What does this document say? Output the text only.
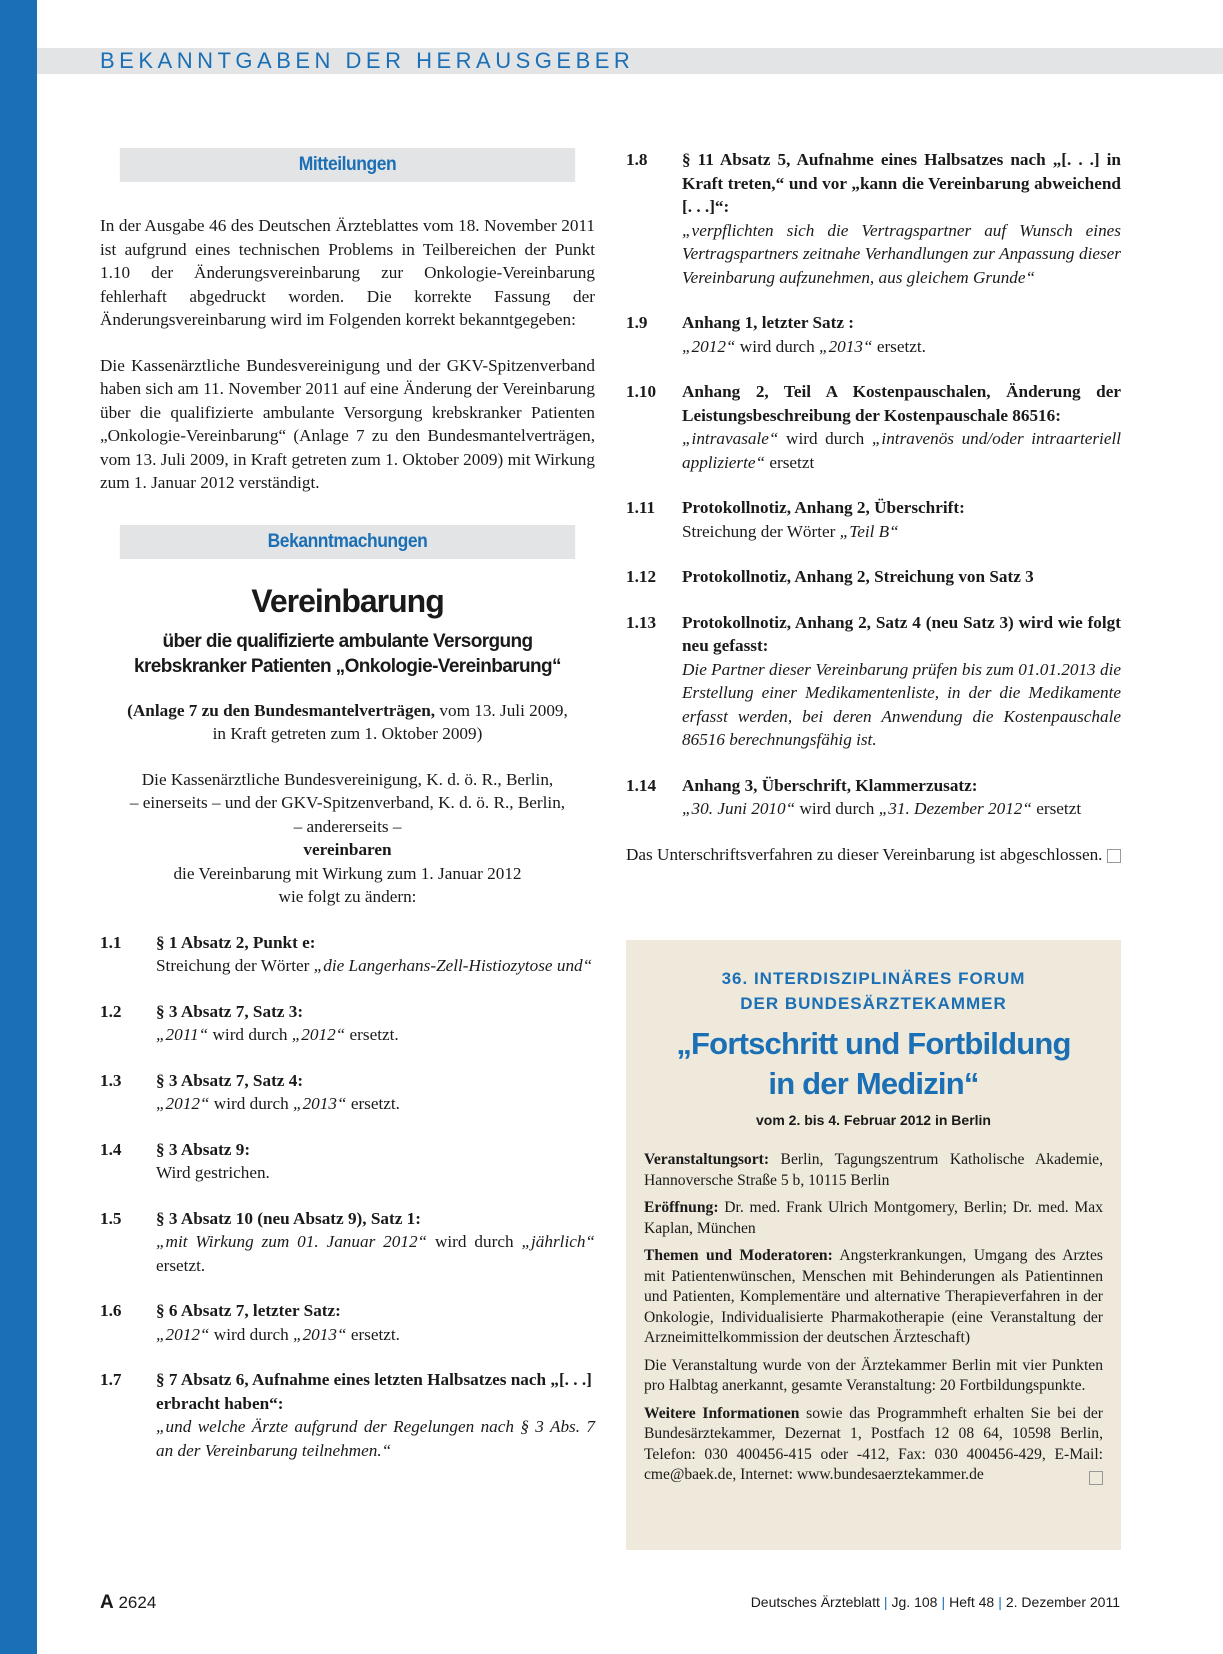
BEKANNTGABEN DER HERAUSGEBER
Mitteilungen

In der Ausgabe 46 des Deutschen Ärzteblattes vom 18. November 2011 ist aufgrund eines technischen Problems in Teilbereichen der Punkt 1.10 der Änderungsvereinbarung zur Onkologie-Vereinbarung fehlerhaft abgedruckt worden. Die korrekte Fassung der Änderungsvereinbarung wird im Folgenden korrekt bekanntgegeben:

Die Kassenärztliche Bundesvereinigung und der GKV-Spitzenverband haben sich am 11. November 2011 auf eine Änderung der Vereinbarung über die qualifizierte ambulante Versorgung krebskranker Patienten „Onkologie-Vereinbarung“ (Anlage 7 zu den Bundesmantelverträgen, vom 13. Juli 2009, in Kraft getreten zum 1. Oktober 2009) mit Wirkung zum 1. Januar 2012 verständigt.

Bekanntmachungen
Vereinbarung
über die qualifizierte ambulante Versorgung
krebskranker Patienten „Onkologie-Vereinbarung“
(Anlage 7 zu den Bundesmantelverträgen, vom 13. Juli 2009,
in Kraft getreten zum 1. Oktober 2009)
Die Kassenärztliche Bundesvereinigung, K. d. ö. R., Berlin,
– einerseits – und der GKV-Spitzenverband, K. d. ö. R., Berlin,
– andererseits –
vereinbaren
die Vereinbarung mit Wirkung zum 1. Januar 2012
wie folgt zu ändern:
1.1	§ 1 Absatz 2, Punkt e:
Streichung der Wörter „die Langerhans-Zell-Histiozytose und“
1.2	§ 3 Absatz 7, Satz 3:
„2011“ wird durch „2012“ ersetzt.
1.3	§ 3 Absatz 7, Satz 4:
„2012“ wird durch „2013“ ersetzt.
1.4	§ 3 Absatz 9:
Wird gestrichen.
1.5	§ 3 Absatz 10 (neu Absatz 9), Satz 1:
„mit Wirkung zum 01. Januar 2012“ wird durch „jährlich“ ersetzt.
1.6	§ 6 Absatz 7, letzter Satz:
„2012“ wird durch „2013“ ersetzt.
1.7	§ 7 Absatz 6, Aufnahme eines letzten Halbsatzes nach „[. . .] erbracht haben“:
„und welche Ärzte aufgrund der Regelungen nach § 3 Abs. 7 an der Vereinbarung teilnehmen.“
1.8	§ 11 Absatz 5, Aufnahme eines Halbsatzes nach „[. . .] in Kraft treten,“ und vor „kann die Vereinbarung abweichend [. . .]“:
„verpflichten sich die Vertragspartner auf Wunsch eines Vertragspartners zeitnahe Verhandlungen zur Anpassung dieser Vereinbarung aufzunehmen, aus gleichem Grunde“
1.9	Anhang 1, letzter Satz :
„2012“ wird durch „2013“ ersetzt.
1.10	Anhang 2, Teil A Kostenpauschalen, Änderung der Leistungsbeschreibung der Kostenpauschale 86516:
„intravasale“ wird durch „intravenös und/oder intraarteriell applizierte“ ersetzt
1.11	Protokollnotiz, Anhang 2, Überschrift:
Streichung der Wörter „Teil B“
1.12	Protokollnotiz, Anhang 2, Streichung von Satz 3
1.13	Protokollnotiz, Anhang 2, Satz 4 (neu Satz 3) wird wie folgt neu gefasst:
Die Partner dieser Vereinbarung prüfen bis zum 01.01.2013 die Erstellung einer Medikamentenliste, in der die Medikamente erfasst werden, bei deren Anwendung die Kostenpauschale 86516 berechnungsfähig ist.
1.14	Anhang 3, Überschrift, Klammerzusatz:
„30. Juni 2010“ wird durch „31. Dezember 2012“ ersetzt

Das Unterschriftsverfahren zu dieser Vereinbarung ist abgeschlossen.

36. INTERDISZIPLINÄRES FORUM
DER BUNDESÄRZTEKAMMER
„Fortschritt und Fortbildung
in der Medizin“
vom 2. bis 4. Februar 2012 in Berlin

Veranstaltungsort: Berlin, Tagungszentrum Katholische Akademie, Hannoversche Straße 5 b, 10115 Berlin

Eröffnung: Dr. med. Frank Ulrich Montgomery, Berlin; Dr. med. Max Kaplan, München

Themen und Moderatoren: Angsterkrankungen, Umgang des Arztes mit Patientenwünschen, Menschen mit Behinderungen als Patientinnen und Patienten, Komplementäre und alternative Therapieverfahren in der Onkologie, Individualisierte Pharmakotherapie (eine Veranstaltung der Arzneimittelkommission der deutschen Ärzteschaft)

Die Veranstaltung wurde von der Ärztekammer Berlin mit vier Punkten pro Halbtag anerkannt, gesamte Veranstaltung: 20 Fortbildungspunkte.

Weitere Informationen sowie das Programmheft erhalten Sie bei der Bundesärztekammer, Dezernat 1, Postfach 12 08 64, 10598 Berlin, Telefon: 030 400456-415 oder -412, Fax: 030 400456-429, E-Mail: cme@baek.de, Internet: www.bundesaerztekammer.de

A 2624	Deutsches Ärzteblatt | Jg. 108 | Heft 48 | 2. Dezember 2011
